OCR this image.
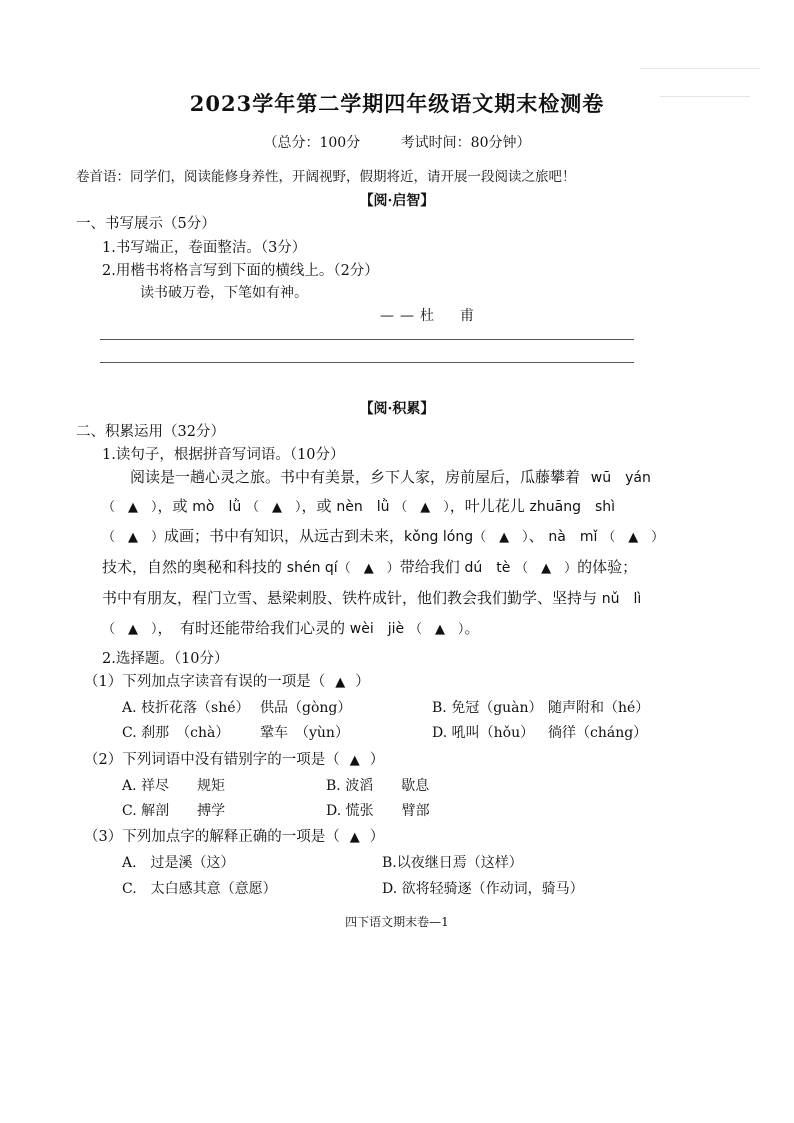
2023学年第二学期四年级语文期末检测卷
（总分：100分	考试时间：80分钟）
卷首语：同学们，阅读能修身养性，开阔视野，假期将近，请开展一段阅读之旅吧！
【阅·启智】
一、书写展示（5分）
1.书写端正，卷面整洁。（3分）
2.用楷书将格言写到下面的横线上。（2分）
读书破万卷，下笔如有神。
——杜　甫
【阅·积累】
二、积累运用（32分）
1.读句子，根据拼音写词语。（10分）
阅读是一趟心灵之旅。书中有美景，乡下人家，房前屋后，瓜藤攀着 wū　yán
（　▲　），或 mò　lǜ （　▲　），或 nèn　lǜ （　▲　），叶儿花儿 zhuāng　shì
（　▲　）成画；书中有知识，从远古到未来，kǒng lóng（　▲　）、 nà　mǐ （　▲　）
技术，自然的奥秘和科技的 shén qí（　▲　）带给我们 dú　tè （　▲　）的体验；
书中有朋友，程门立雪、悬梁刺股、铁杵成针，他们教会我们勤学、坚持与 nǔ　lì
（　▲　），　有时还能带给我们心灵的 wèi　jiè （　▲　）。
2.选择题。（10分）
（1）下列加点字读音有误的一项是（ ▲ ）
A. 枝折花落（shé） 供品（gòng）	B. 免冠（guàn） 随声附和（hé）
C. 刹那　（chà） 鞏车　（yùn）	D. 吼叫（hǒu） 徜徉（cháng）
（2）下列词语中没有错别字的一项是（ ▲ ）
A. 祥尽　　规矩	B. 波滔　　歇息
C. 解剖　　搏学	D. 慌张　　臂部
（3）下列加点字的解释正确的一项是（ ▲ ）
A.　过是溪（这）	B.以夜继日焉（这样）
C.　太白感其意（意愿）	D. 欲将轻骑逐（作动词，骑马）
四下语文期末卷—1
